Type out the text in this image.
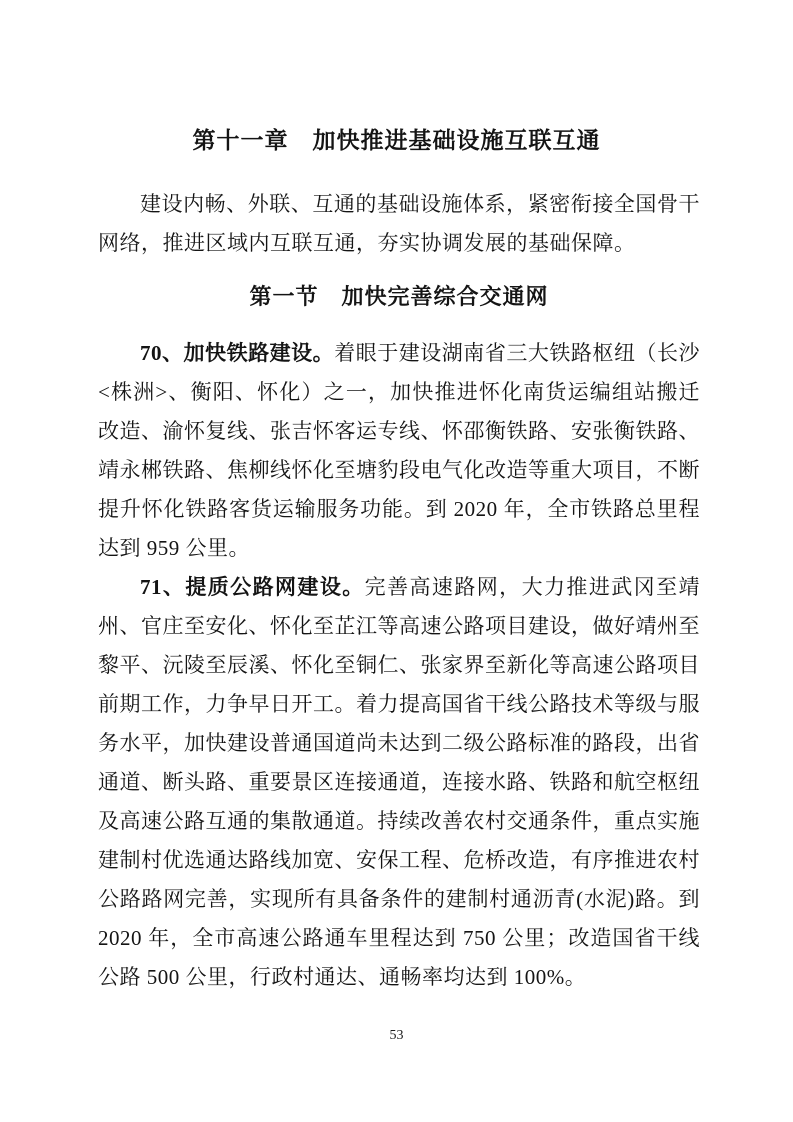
第十一章　加快推进基础设施互联互通

建设内畅、外联、互通的基础设施体系，紧密衔接全国骨干网络，推进区域内互联互通，夯实协调发展的基础保障。

第一节　加快完善综合交通网

70、加快铁路建设。着眼于建设湖南省三大铁路枢纽（长沙<株洲>、衡阳、怀化）之一，加快推进怀化南货运编组站搬迁改造、渝怀复线、张吉怀客运专线、怀邵衡铁路、安张衡铁路、靖永郴铁路、焦柳线怀化至塘豹段电气化改造等重大项目，不断提升怀化铁路客货运输服务功能。到 2020 年，全市铁路总里程达到 959 公里。

71、提质公路网建设。完善高速路网，大力推进武冈至靖州、官庄至安化、怀化至芷江等高速公路项目建设，做好靖州至黎平、沅陵至辰溪、怀化至铜仁、张家界至新化等高速公路项目前期工作，力争早日开工。着力提高国省干线公路技术等级与服务水平，加快建设普通国道尚未达到二级公路标准的路段，出省通道、断头路、重要景区连接通道，连接水路、铁路和航空枢纽及高速公路互通的集散通道。持续改善农村交通条件，重点实施建制村优选通达路线加宽、安保工程、危桥改造，有序推进农村公路路网完善，实现所有具备条件的建制村通沥青(水泥)路。到 2020 年，全市高速公路通车里程达到 750 公里；改造国省干线公路 500 公里，行政村通达、通畅率均达到 100%。

53
